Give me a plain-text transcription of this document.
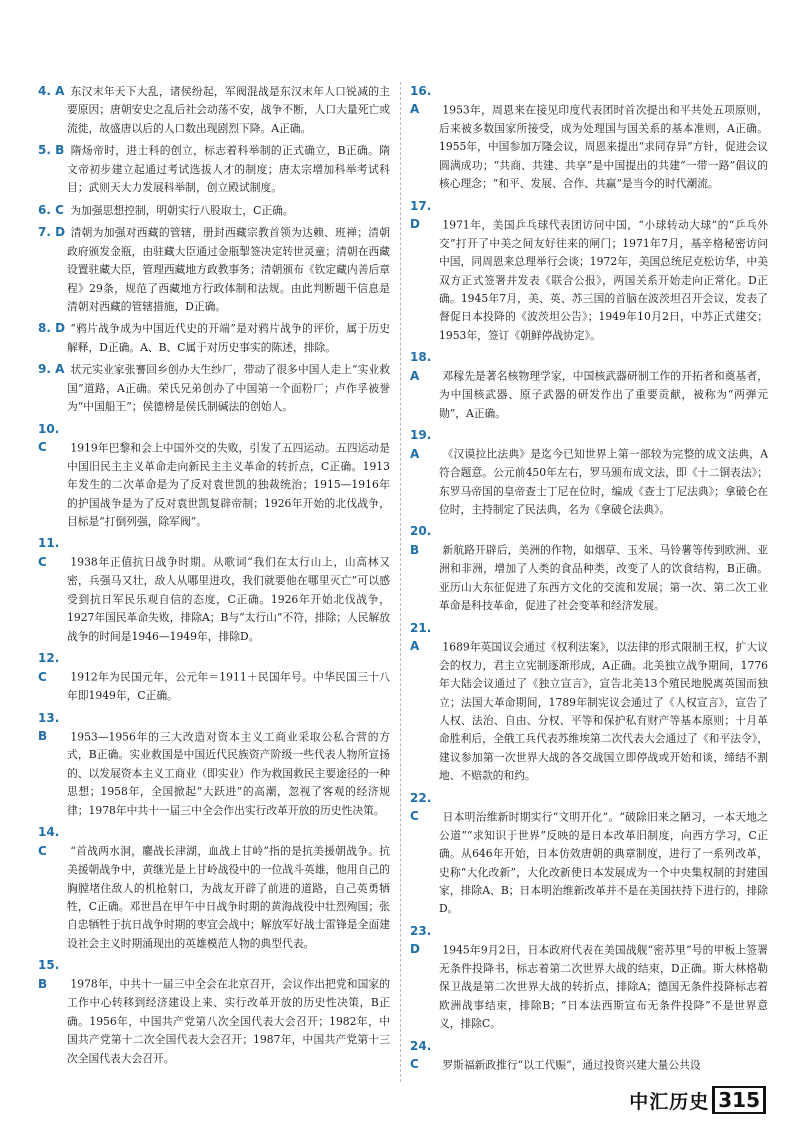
4. A 东汉末年天下大乱，诸侯纷起，军阀混战是东汉末年人口锐减的主要原因；唐朝安史之乱后社会动荡不安，战争不断，人口大量死亡或流徙，故盛唐以后的人口数出现剧烈下降。A正确。

5. B 隋炀帝时，进士科的创立，标志着科举制的正式确立，B正确。隋文帝初步建立起通过考试选拔人才的制度；唐太宗增加科举考试科目；武则天大力发展科举制，创立殿试制度。

6. C 为加强思想控制，明朝实行八股取士，C正确。

7. D 清朝为加强对西藏的管辖，册封西藏宗教首领为达赖、班禅；清朝政府颁发金瓶，由驻藏大臣通过金瓶掣签决定转世灵童；清朝在西藏设置驻藏大臣，管理西藏地方政教事务；清朝颁布《钦定藏内善后章程》29条，规范了西藏地方行政体制和法规。由此判断题干信息是清朝对西藏的管辖措施，D正确。

8. D “鸦片战争成为中国近代史的开端”是对鸦片战争的评价，属于历史解释，D正确。A、B、C属于对历史事实的陈述，排除。

9. A 状元实业家张謇回乡创办大生纱厂，带动了很多中国人走上“实业救国”道路，A正确。荣氏兄弟创办了中国第一个面粉厂；卢作孚被誉为“中国船王”；侯德榜是侯氏制碱法的创始人。

10. C 1919年巴黎和会上中国外交的失败，引发了五四运动。五四运动是中国旧民主主义革命走向新民主主义革命的转折点，C正确。1913年发生的二次革命是为了反对袁世凯的独裁统治；1915—1916年的护国战争是为了反对袁世凯复辟帝制；1926年开始的北伐战争，目标是“打倒列强，除军阀”。

11. C 1938年正值抗日战争时期。从歌词“我们在太行山上，山高林又密，兵强马又壮，敌人从哪里进攻，我们就要他在哪里灭亡”可以感受到抗日军民乐观自信的态度，C正确。1926年开始北伐战争，1927年国民革命失败，排除A；B与“太行山”不符，排除；人民解放战争的时间是1946—1949年，排除D。

12. C 1912年为民国元年，公元年＝1911＋民国年号。中华民国三十八年即1949年，C正确。

13. B 1953—1956年的三大改造对资本主义工商业采取公私合营的方式，B正确。实业救国是中国近代民族资产阶级一些代表人物所宣扬的、以发展资本主义工商业（即实业）作为救国救民主要途径的一种思想；1958年，全国掀起“大跃进”的高潮，忽视了客观的经济规律；1978年中共十一届三中全会作出实行改革开放的历史性决策。

14. C “首战两水洞，鏖战长津湖，血战上甘岭”指的是抗美援朝战争。抗美援朝战争中，黄继光是上甘岭战役中的一位战斗英雄，他用自己的胸膛堵住敌人的机枪射口，为战友开辟了前进的道路，自己英勇牺牲，C正确。邓世昌在甲午中日战争时期的黄海战役中壮烈殉国；张自忠牺牲于抗日战争时期的枣宜会战中；解放军好战士雷锋是全面建设社会主义时期涌现出的英雄模范人物的典型代表。

15. B 1978年，中共十一届三中全会在北京召开，会议作出把党和国家的工作中心转移到经济建设上来、实行改革开放的历史性决策，B正确。1956年，中国共产党第八次全国代表大会召开；1982年，中国共产党第十二次全国代表大会召开；1987年，中国共产党第十三次全国代表大会召开。

16. A 1953年，周恩来在接见印度代表团时首次提出和平共处五项原则，后来被多数国家所接受，成为处理国与国关系的基本准则，A正确。1955年，中国参加万隆会议，周恩来提出“求同存异”方针，促进会议圆满成功；“共商、共建、共享”是中国提出的共建“一带一路”倡议的核心理念；“和平、发展、合作、共赢”是当今的时代潮流。

17. D 1971年，美国乒乓球代表团访问中国，“小球转动大球”的“乒乓外交”打开了中美之间友好往来的闸门；1971年7月，基辛格秘密访问中国，同周恩来总理举行会谈；1972年，美国总统尼克松访华，中美双方正式签署并发表《联合公报》，两国关系开始走向正常化。D正确。1945年7月，美、英、苏三国的首脑在波茨坦召开会议，发表了督促日本投降的《波茨坦公告》；1949年10月2日，中苏正式建交；1953年，签订《朝鲜停战协定》。

18. A 邓稼先是著名核物理学家，中国核武器研制工作的开拓者和奠基者，为中国核武器、原子武器的研发作出了重要贡献，被称为“两弹元勋”，A正确。

19. A 《汉谟拉比法典》是迄今已知世界上第一部较为完整的成文法典，A符合题意。公元前450年左右，罗马颁布成文法，即《十二铜表法》；东罗马帝国的皇帝查士丁尼在位时，编成《查士丁尼法典》；拿破仑在位时，主持制定了民法典，名为《拿破仑法典》。

20. B 新航路开辟后，美洲的作物，如烟草、玉米、马铃薯等传到欧洲、亚洲和非洲，增加了人类的食品种类，改变了人的饮食结构，B正确。亚历山大东征促进了东西方文化的交流和发展；第一次、第二次工业革命是科技革命，促进了社会变革和经济发展。

21. A 1689年英国议会通过《权利法案》，以法律的形式限制王权，扩大议会的权力，君主立宪制逐渐形成，A正确。北美独立战争期间，1776年大陆会议通过了《独立宣言》，宣告北美13个殖民地脱离英国而独立；法国大革命期间，1789年制宪议会通过了《人权宣言》，宣告了人权、法治、自由、分权、平等和保护私有财产等基本原则；十月革命胜利后，全俄工兵代表苏维埃第二次代表大会通过了《和平法令》，建议参加第一次世界大战的各交战国立即停战或开始和谈，缔结不割地、不赔款的和约。

22. C 日本明治维新时期实行“文明开化”。“破除旧来之陋习，一本天地之公道”“求知识于世界”反映的是日本改革旧制度，向西方学习，C正确。从646年开始，日本仿效唐朝的典章制度，进行了一系列改革，史称“大化改新”，大化改新使日本发展成为一个中央集权制的封建国家，排除A、B；日本明治维新改革并不是在美国扶持下进行的，排除D。

23. D 1945年9月2日，日本政府代表在美国战舰“密苏里”号的甲板上签署无条件投降书，标志着第二次世界大战的结束，D正确。斯大林格勒保卫战是第二次世界大战的转折点，排除A；德国无条件投降标志着欧洲战事结束，排除B；“日本法西斯宣布无条件投降”不是世界意义，排除C。

24. C 罗斯福新政推行“以工代赈”，通过投资兴建大量公共设

中汇历史 315
